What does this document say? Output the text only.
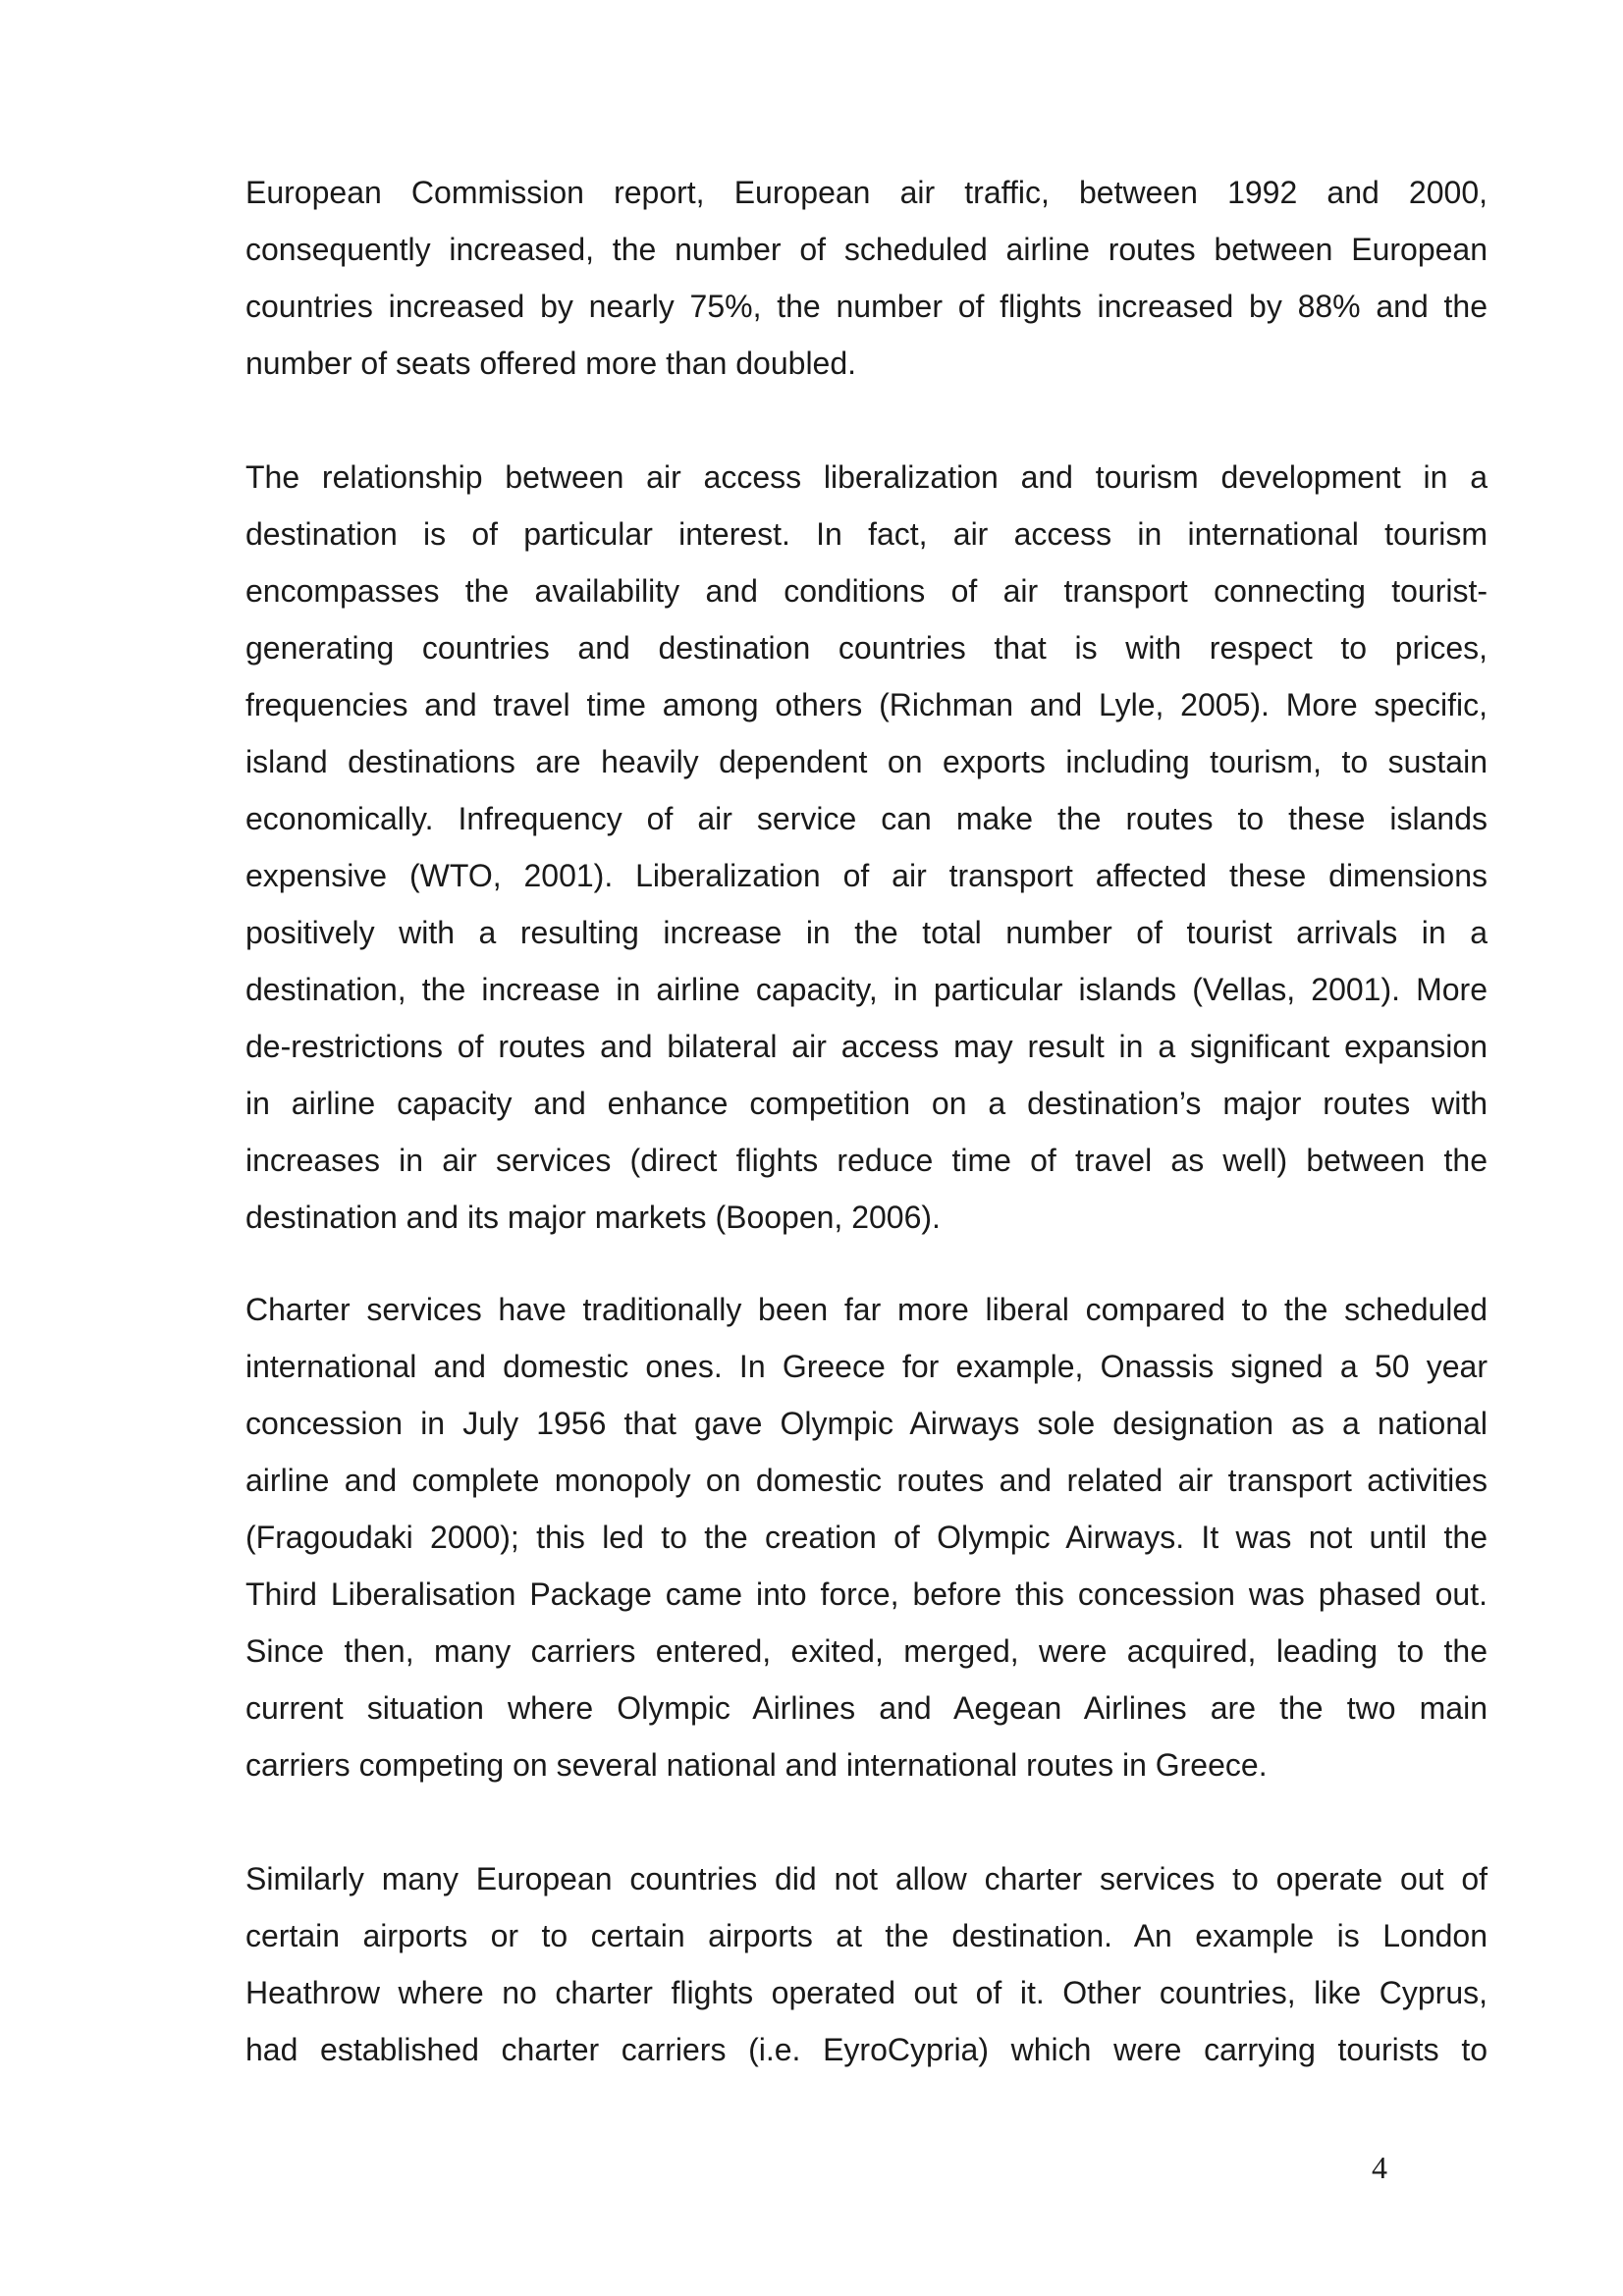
European Commission report, European air traffic, between 1992 and 2000,
consequently increased, the number of scheduled airline routes between European
countries increased by nearly 75%, the number of flights increased by 88% and the
number of seats offered more than doubled.
The relationship between air access liberalization and tourism development in a
destination is of particular interest. In fact, air access in international tourism
encompasses the availability and conditions of air transport connecting tourist-
generating countries and destination countries that is with respect to prices,
frequencies and travel time among others (Richman and Lyle, 2005). More specific,
island destinations are heavily dependent on exports including tourism, to sustain
economically. Infrequency of air service can make the routes to these islands
expensive (WTO, 2001). Liberalization of air transport affected these dimensions
positively with a resulting increase in the total number of tourist arrivals in a
destination, the increase in airline capacity, in particular islands (Vellas, 2001). More
de-restrictions of routes and bilateral air access may result in a significant expansion
in airline capacity and enhance competition on a destination’s major routes with
increases in air services (direct flights reduce time of travel as well) between the
destination and its major markets (Boopen, 2006).
Charter services have traditionally been far more liberal compared to the scheduled
international and domestic ones. In Greece for example, Onassis signed a 50 year
concession in July 1956 that gave Olympic Airways sole designation as a national
airline and complete monopoly on domestic routes and related air transport activities
(Fragoudaki 2000); this led to the creation of Olympic Airways. It was not until the
Third Liberalisation Package came into force, before this concession was phased out.
Since then, many carriers entered, exited, merged, were acquired, leading to the
current situation where Olympic Airlines and Aegean Airlines are the two main
carriers competing on several national and international routes in Greece.
Similarly many European countries did not allow charter services to operate out of
certain airports or to certain airports at the destination. An example is London
Heathrow where no charter flights operated out of it. Other countries, like Cyprus,
had established charter carriers (i.e. EyroCypria) which were carrying tourists to
4
